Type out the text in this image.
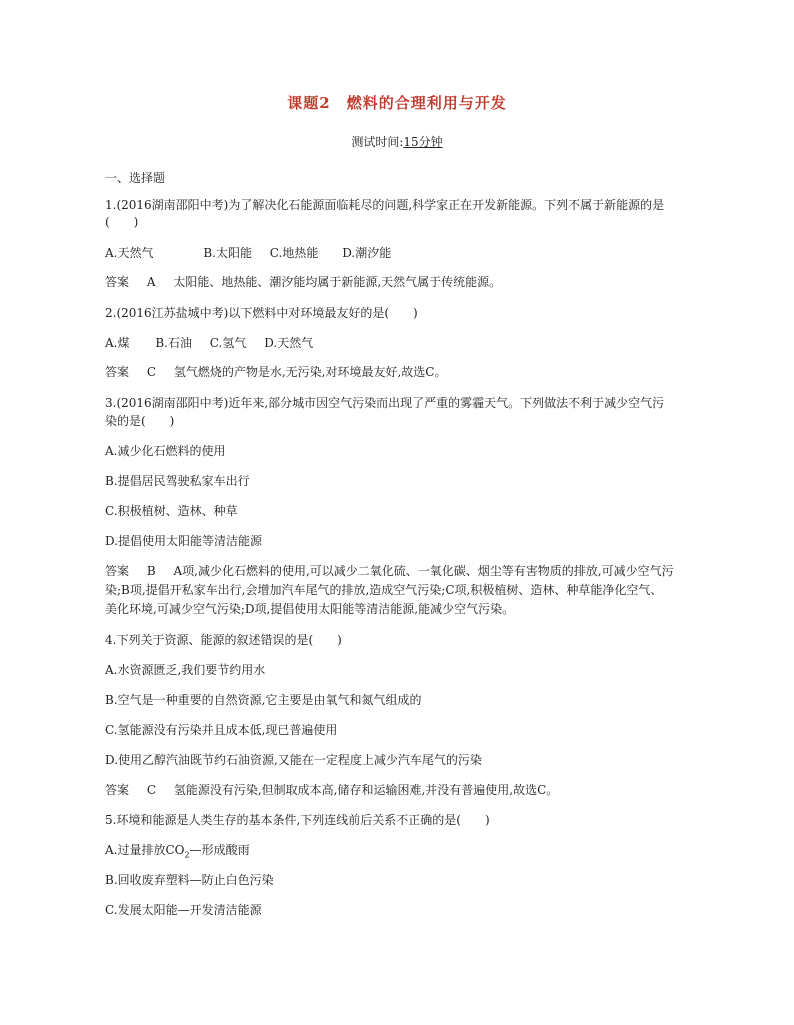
课题2　燃料的合理利用与开发
测试时间:15分钟
一、选择题
1.(2016湖南邵阳中考)为了解决化石能源面临耗尽的问题,科学家正在开发新能源。下列不属于新能源的是
(　　)
A.天然气	B.太阳能 C.地热能 D.潮汐能
答案 A 太阳能、地热能、潮汐能均属于新能源,天然气属于传统能源。
2.(2016江苏盐城中考)以下燃料中对环境最友好的是(　　)
A.煤 B.石油 C.氢气 D.天然气
答案 C 氢气燃烧的产物是水,无污染,对环境最友好,故选C。
3.(2016湖南邵阳中考)近年来,部分城市因空气污染而出现了严重的雾霾天气。下列做法不利于减少空气污
染的是(　　)
A.减少化石燃料的使用
B.提倡居民驾驶私家车出行
C.积极植树、造林、种草
D.提倡使用太阳能等清洁能源
答案 B A项,减少化石燃料的使用,可以减少二氧化硫、一氧化碳、烟尘等有害物质的排放,可减少空气污
染;B项,提倡开私家车出行,会增加汽车尾气的排放,造成空气污染;C项,积极植树、造林、种草能净化空气、
美化环境,可减少空气污染;D项,提倡使用太阳能等清洁能源,能减少空气污染。
4.下列关于资源、能源的叙述错误的是(　　)
A.水资源匮乏,我们要节约用水
B.空气是一种重要的自然资源,它主要是由氧气和氮气组成的
C.氢能源没有污染并且成本低,现已普遍使用
D.使用乙醇汽油既节约石油资源,又能在一定程度上减少汽车尾气的污染
答案 C 氢能源没有污染,但制取成本高,储存和运输困难,并没有普遍使用,故选C。
5.环境和能源是人类生存的基本条件,下列连线前后关系不正确的是(　　)
A.过量排放$CO_2—$形成酸雨
B.回收废弃塑料—防止白色污染
C.发展太阳能—开发清洁能源
